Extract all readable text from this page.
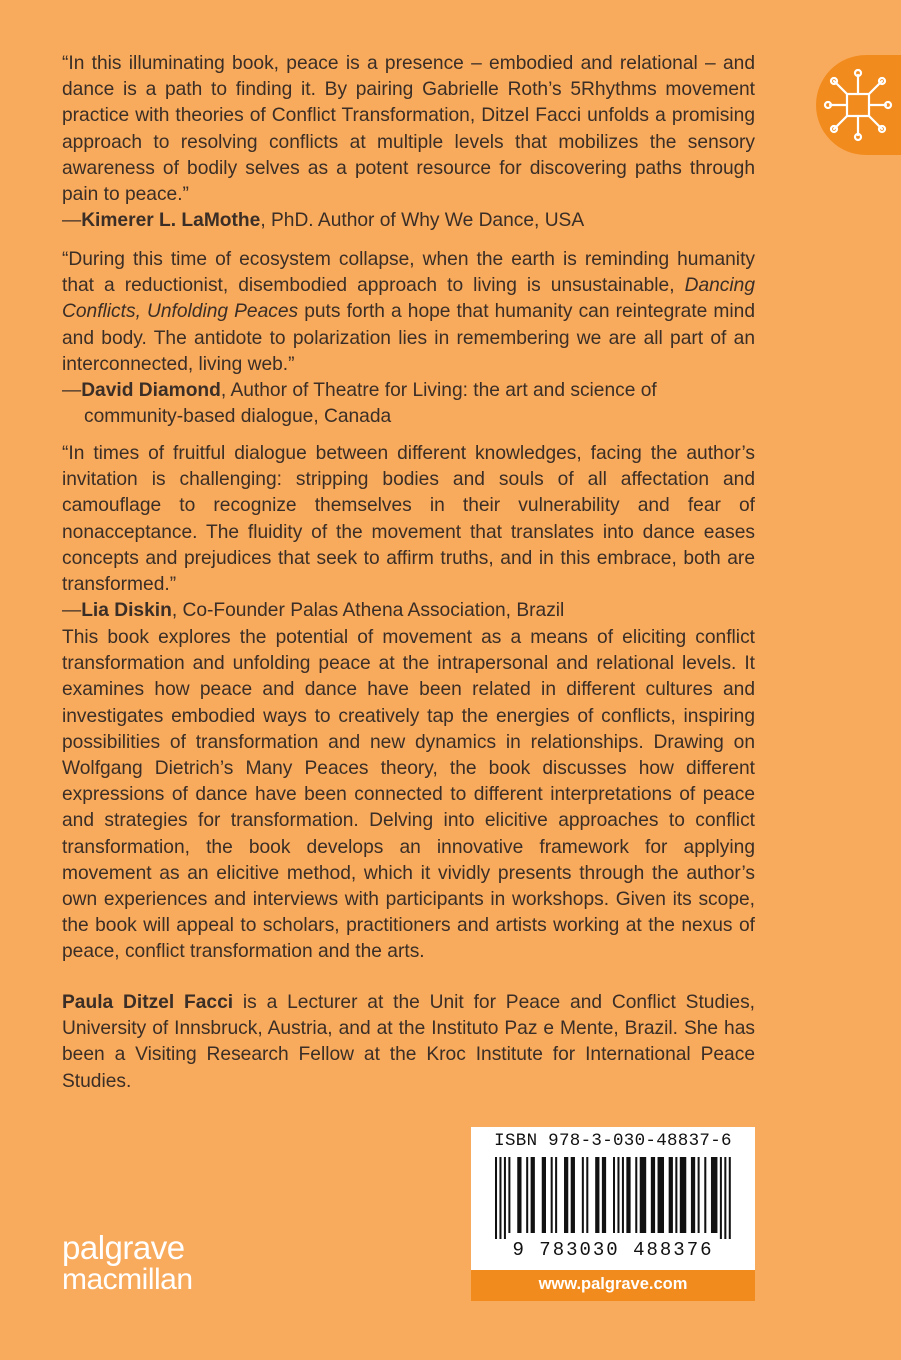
“In this illuminating book, peace is a presence – embodied and relational – and dance is a path to finding it. By pairing Gabrielle Roth’s 5Rhythms movement practice with theories of Conflict Transformation, Ditzel Facci unfolds a promising approach to resolving conflicts at multiple levels that mobilizes the sensory awareness of bodily selves as a potent resource for discovering paths through pain to peace.”

—Kimerer L. LaMothe, PhD. Author of Why We Dance, USA

“During this time of ecosystem collapse, when the earth is reminding humanity that a reductionist, disembodied approach to living is unsustainable, Dancing Conflicts, Unfolding Peaces puts forth a hope that humanity can reintegrate mind and body. The antidote to polarization lies in remembering we are all part of an interconnected, living web.”

—David Diamond, Author of Theatre for Living: the art and science of community-based dialogue, Canada

“In times of fruitful dialogue between different knowledges, facing the author’s invitation is challenging: stripping bodies and souls of all affectation and camouflage to recognize themselves in their vulnerability and fear of nonacceptance. The fluidity of the movement that translates into dance eases concepts and prejudices that seek to affirm truths, and in this embrace, both are transformed.”

—Lia Diskin, Co-Founder Palas Athena Association, Brazil

This book explores the potential of movement as a means of eliciting conflict transformation and unfolding peace at the intrapersonal and relational levels. It examines how peace and dance have been related in different cultures and investigates embodied ways to creatively tap the energies of conflicts, inspiring possibilities of transformation and new dynamics in relationships. Drawing on Wolfgang Dietrich’s Many Peaces theory, the book discusses how different expressions of dance have been connected to different interpretations of peace and strategies for transformation. Delving into elicitive approaches to conflict transformation, the book develops an innovative framework for applying movement as an elicitive method, which it vividly presents through the author’s own experiences and interviews with participants in workshops. Given its scope, the book will appeal to scholars, practitioners and artists working at the nexus of peace, conflict transformation and the arts.
Paula Ditzel Facci is a Lecturer at the Unit for Peace and Conflict Studies, University of Innsbruck, Austria, and at the Instituto Paz e Mente, Brazil. She has been a Visiting Research Fellow at the Kroc Institute for International Peace Studies.
palgrave
macmillan
ISBN 978-3-030-48837-6
9 783030 488376
www.palgrave.com
